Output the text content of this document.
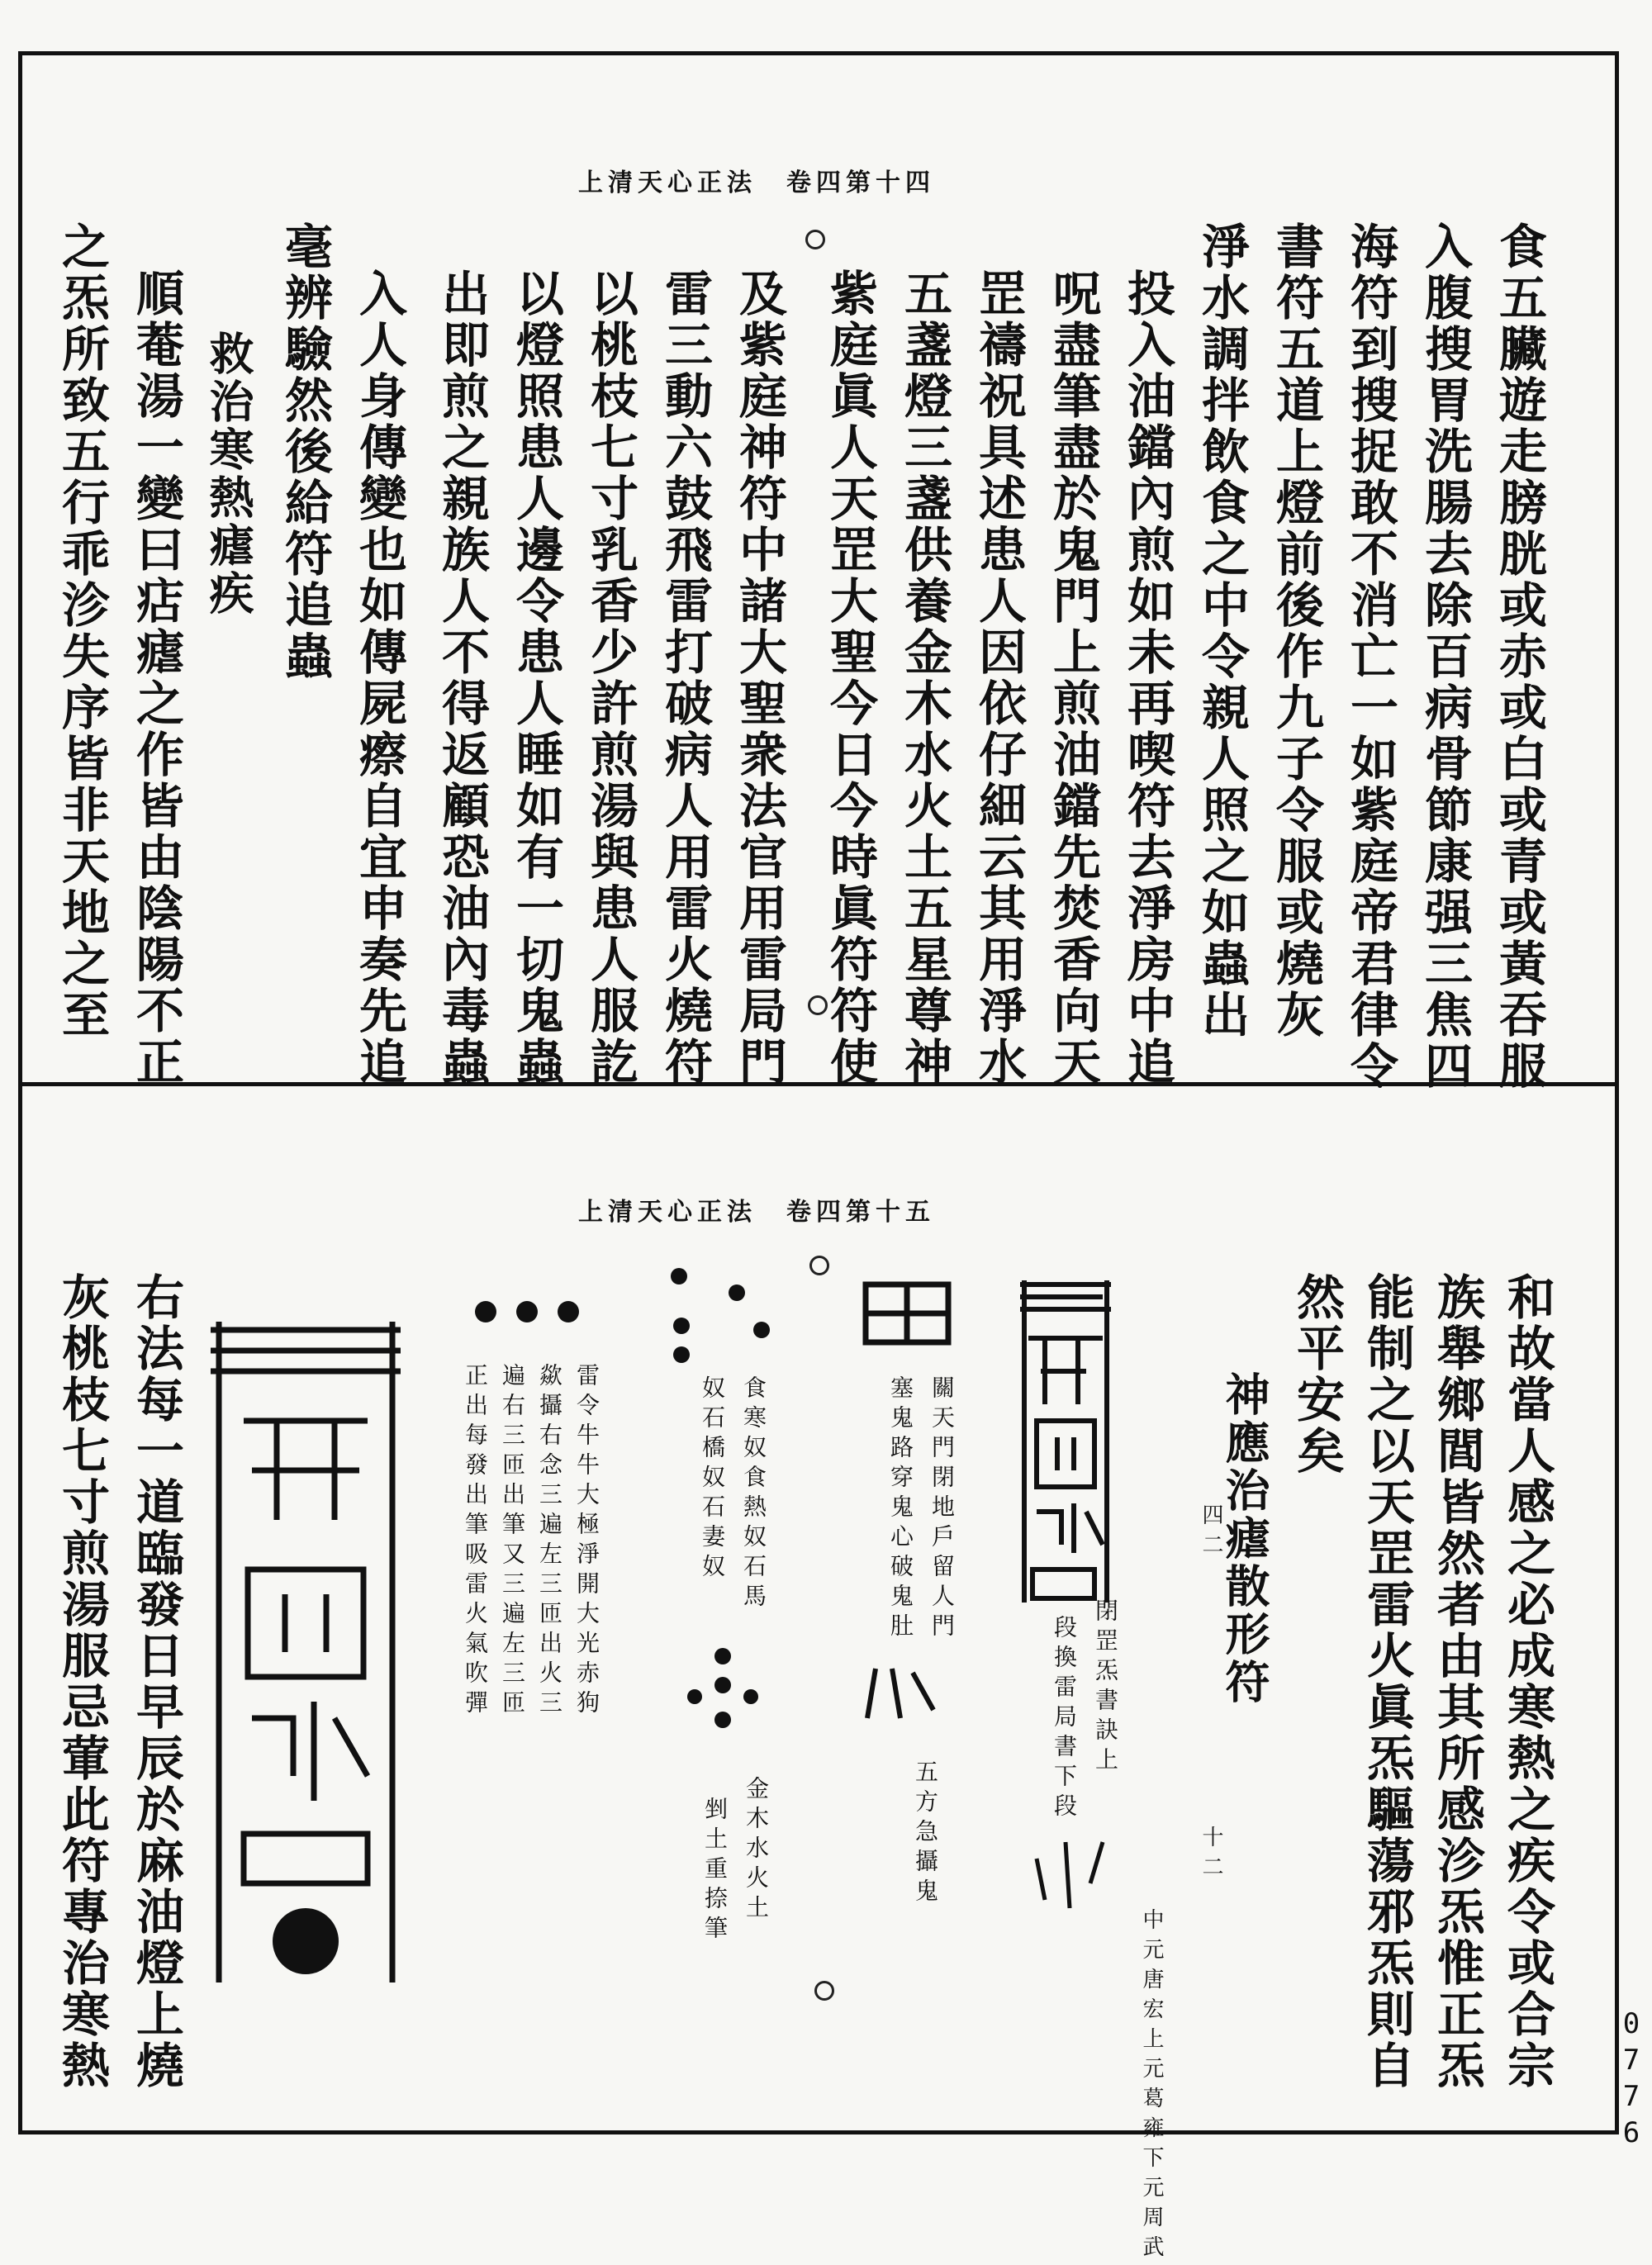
上清天心正法　卷四第十四
食五臟遊走膀胱或赤或白或青或黃吞服
入腹搜胃洗腸去除百病骨節康强三焦四
海符到搜捉敢不消亡一如紫庭帝君律令
書符五道上燈前後作九子令服或燒灰
淨水調拌飲食之中令親人照之如蟲出
投入油鐺內煎如未再喫符去淨房中追
呪盡筆盡於鬼門上煎油鐺先焚香向天
罡禱祝具述患人因依仔細云其用淨水
五盞燈三盞供養金木水火土五星尊神
紫庭眞人天罡大聖今日今時眞符符使
及紫庭神符中諸大聖衆法官用雷局門
雷三動六鼓飛雷打破病人用雷火燒符
以桃枝七寸乳香少許煎湯與患人服訖
以燈照患人邊令患人睡如有一切鬼蟲
出即煎之親族人不得返顧恐油內毒蟲
入人身傳變也如傳屍瘵自宜申奏先追
毫辨驗然後給符追蟲
救治寒熱瘧疾
順菴湯一變曰痁瘧之作皆由陰陽不正
之炁所致五行乖沴失序皆非天地之至
上清天心正法　卷四第十五
和故當人感之必成寒熱之疾令或合宗
族舉鄉閭皆然者由其所感沴炁惟正炁
能制之以天罡雷火眞炁驅蕩邪炁則自
然平安矣
神應治瘧散形符
四二
十二
閉罡炁書訣上
段換雷局書下段
中元唐宏上元葛雍下元周武
關天門閉地戶留人門
塞鬼路穿鬼心破鬼肚
五方急攝鬼
食寒奴食熱奴石馬
奴石橋奴石妻奴
金木水火土
剉土重捺筆
雷令牛牛大極淨開大光赤狗
歘攝右念三遍左三匝出火三
遍右三匝出筆又三遍左三匝
正出每發出筆吸雷火氣吹彈
右法每一道臨發日早辰於麻油燈上燒
灰桃枝七寸煎湯服忌葷此符專治寒熱	0776
